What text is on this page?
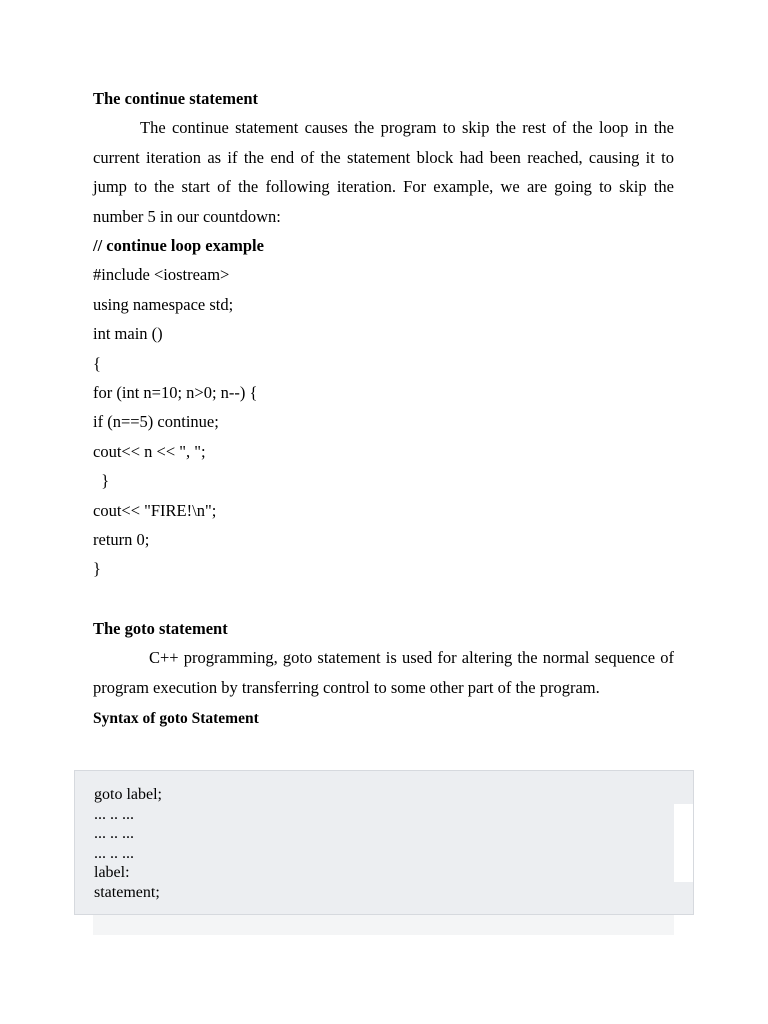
The continue statement
The continue statement causes the program to skip the rest of the loop in the current iteration as if the end of the statement block had been reached, causing it to jump to the start of the following iteration. For example, we are going to skip the number 5 in our countdown:
// continue loop example
#include <iostream>
using namespace std;
int main ()
{
for (int n=10; n>0; n--) {
if (n==5) continue;
cout<< n << ", ";
}
cout<< "FIRE!\n";
return 0;
}
The goto statement
C++ programming, goto statement is used for altering the normal sequence of program execution by transferring control to some other part of the program.
Syntax of goto Statement
goto label;
... .. ...
... .. ...
... .. ...
label:
statement;
